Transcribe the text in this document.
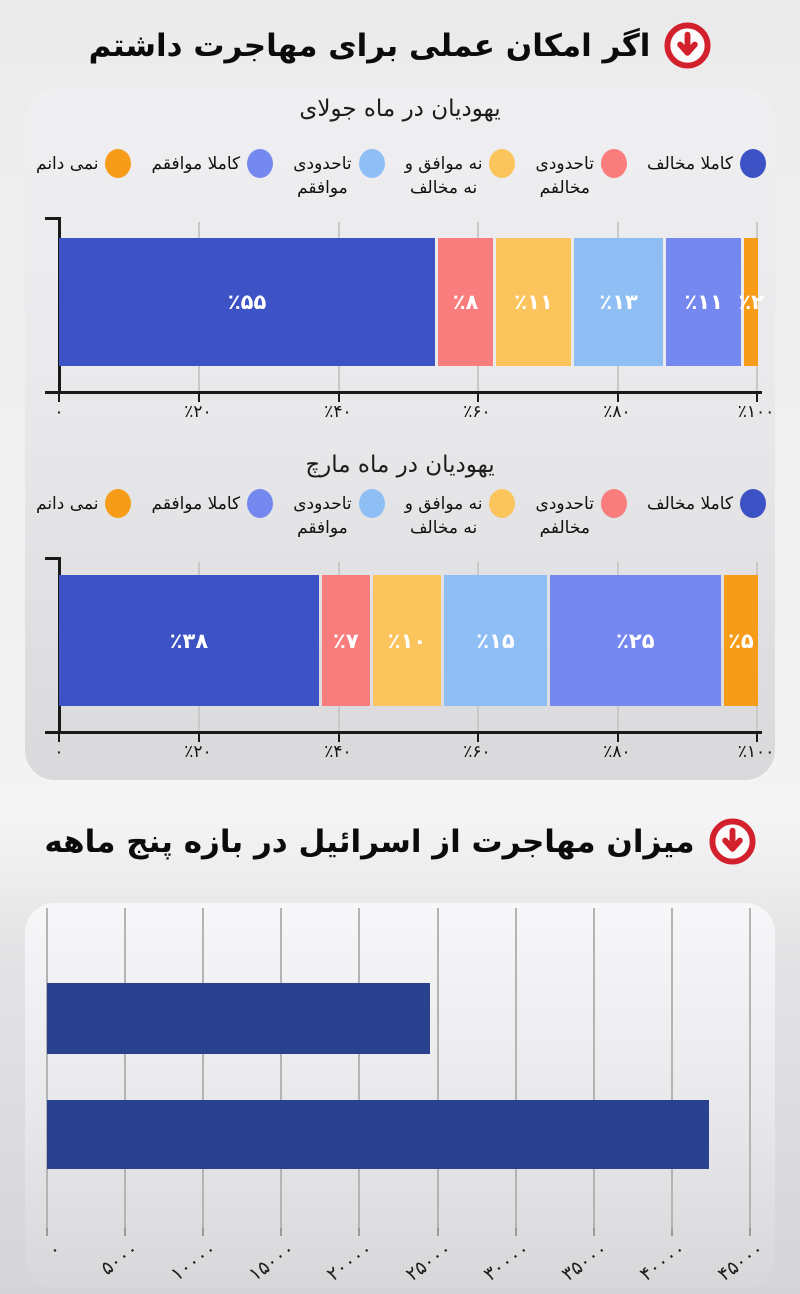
اگر امکان عملی برای مهاجرت داشتم
یهودیان در ماه جولای
کاملا مخالف
تاحدودی
مخالفم
نه موافق و
نه مخالف
تاحدودی
موافقم
کاملا موافقم
نمی دانم
٪۵۵	٪۸ ٪۱۱ ٪۱۳ ٪۱۱ ٪۲
۰	٪۲۰	٪۴۰	٪۶۰	٪۸۰	٪۱۰۰
یهودیان در ماه مارچ
کاملا مخالف
تاحدودی
مخالفم
نه موافق و
نه مخالف
تاحدودی
موافقم
کاملا موافقم
نمی دانم
٪۳۸	٪۷ ٪۱۰ ٪۱۵	٪۲۵	٪۵
۰	٪۲۰	٪۴۰	٪۶۰	٪۸۰	٪۱۰۰
میزان مهاجرت از اسرائیل در بازه پنج ماهه
۰ ۵۰۰۰ ۱۰۰۰۰ ۱۵۰۰۰ ۲۰۰۰۰ ۲۵۰۰۰ ۳۰۰۰۰ ۳۵۰۰۰ ۴۰۰۰۰ ۴۵۰۰۰
